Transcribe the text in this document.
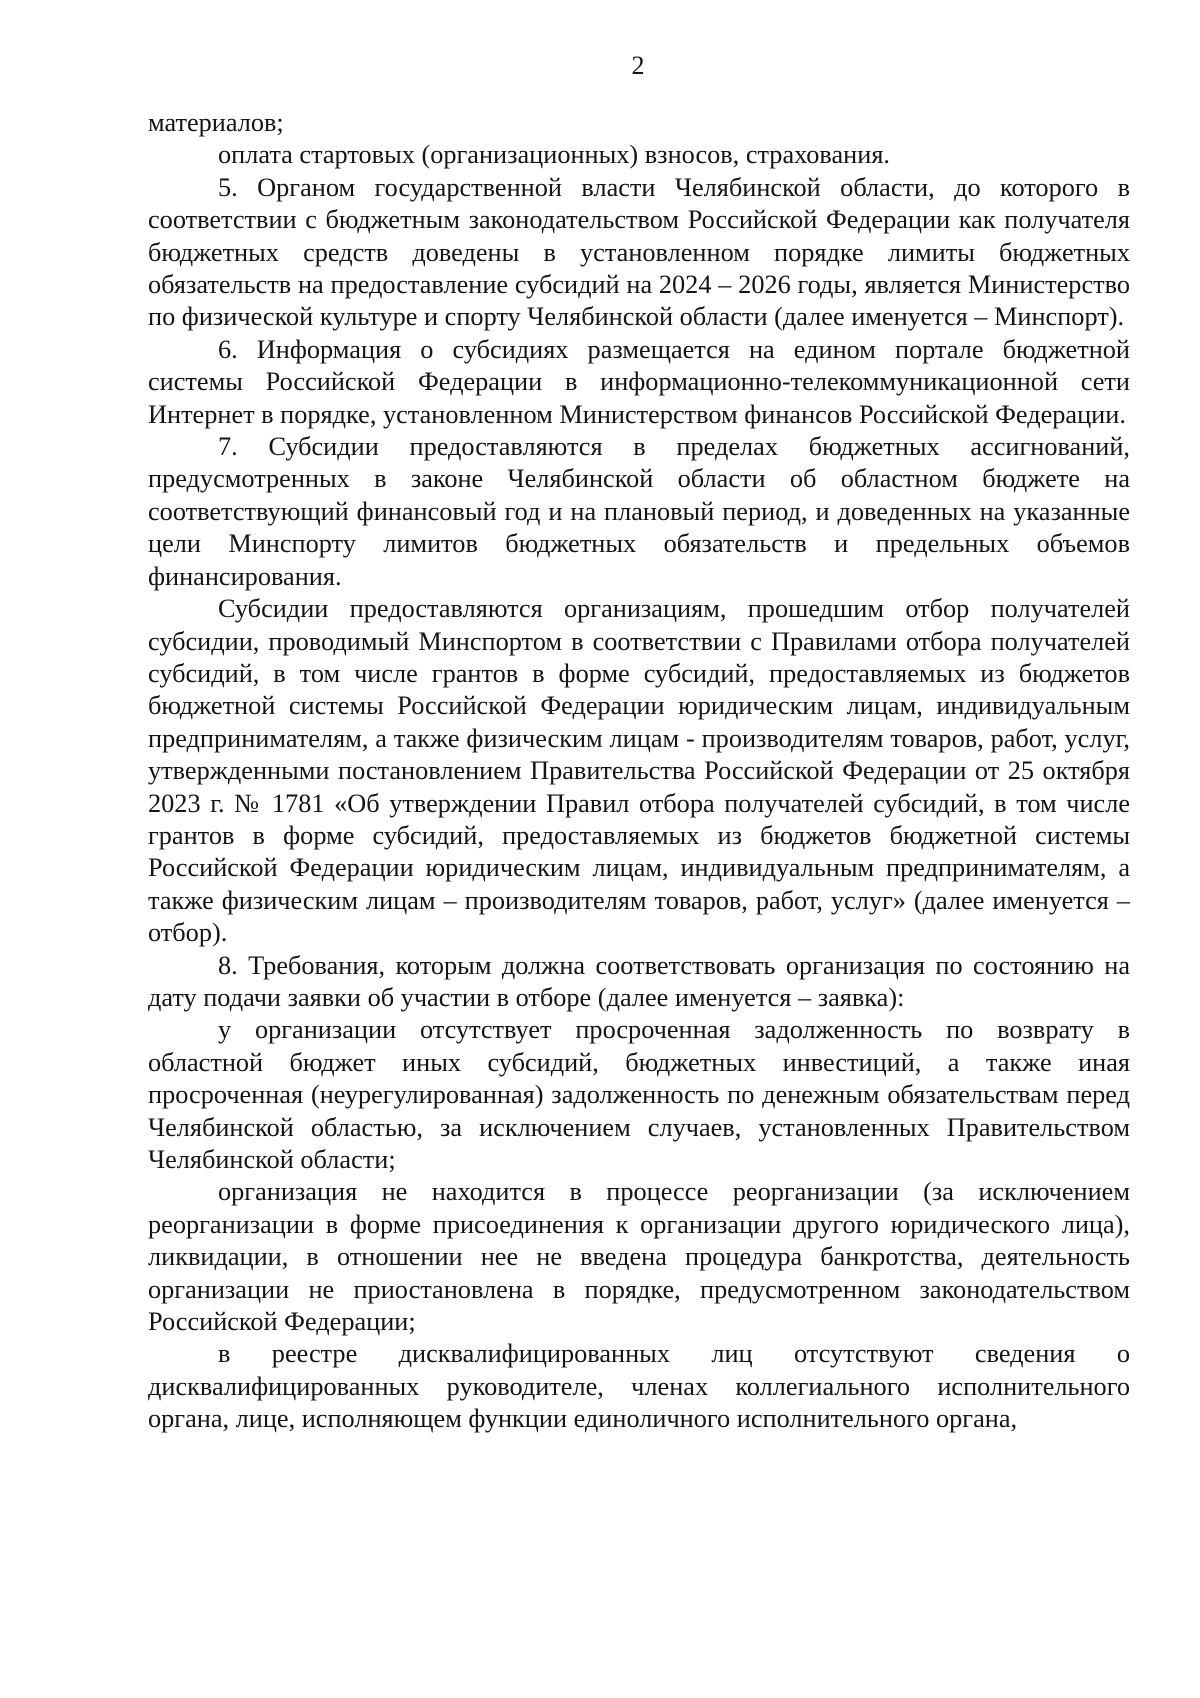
2

материалов;

оплата стартовых (организационных) взносов, страхования.

5. Органом государственной власти Челябинской области, до которого в соответствии с бюджетным законодательством Российской Федерации как получателя бюджетных средств доведены в установленном порядке лимиты бюджетных обязательств на предоставление субсидий на 2024 – 2026 годы, является Министерство по физической культуре и спорту Челябинской области (далее именуется – Минспорт).

6. Информация о субсидиях размещается на едином портале бюджетной системы Российской Федерации в информационно-телекоммуникационной сети Интернет в порядке, установленном Министерством финансов Российской Федерации.

7. Субсидии предоставляются в пределах бюджетных ассигнований, предусмотренных в законе Челябинской области об областном бюджете на соответствующий финансовый год и на плановый период, и доведенных на указанные цели Минспорту лимитов бюджетных обязательств и предельных объемов финансирования.

Субсидии предоставляются организациям, прошедшим отбор получателей субсидии, проводимый Минспортом в соответствии с Правилами отбора получателей субсидий, в том числе грантов в форме субсидий, предоставляемых из бюджетов бюджетной системы Российской Федерации юридическим лицам, индивидуальным предпринимателям, а также физическим лицам - производителям товаров, работ, услуг, утвержденными постановлением Правительства Российской Федерации от 25 октября 2023 г. № 1781 «Об утверждении Правил отбора получателей субсидий, в том числе грантов в форме субсидий, предоставляемых из бюджетов бюджетной системы Российской Федерации юридическим лицам, индивидуальным предпринимателям, а также физическим лицам – производителям товаров, работ, услуг» (далее именуется – отбор).

8. Требования, которым должна соответствовать организация по состоянию на дату подачи заявки об участии в отборе (далее именуется – заявка):

у организации отсутствует просроченная задолженность по возврату в областной бюджет иных субсидий, бюджетных инвестиций, а также иная просроченная (неурегулированная) задолженность по денежным обязательствам перед Челябинской областью, за исключением случаев, установленных Правительством Челябинской области;

организация не находится в процессе реорганизации (за исключением реорганизации в форме присоединения к организации другого юридического лица), ликвидации, в отношении нее не введена процедура банкротства, деятельность организации не приостановлена в порядке, предусмотренном законодательством Российской Федерации;

в реестре дисквалифицированных лиц отсутствуют сведения о дисквалифицированных руководителе, членах коллегиального исполнительного органа, лице, исполняющем функции единоличного исполнительного органа,
